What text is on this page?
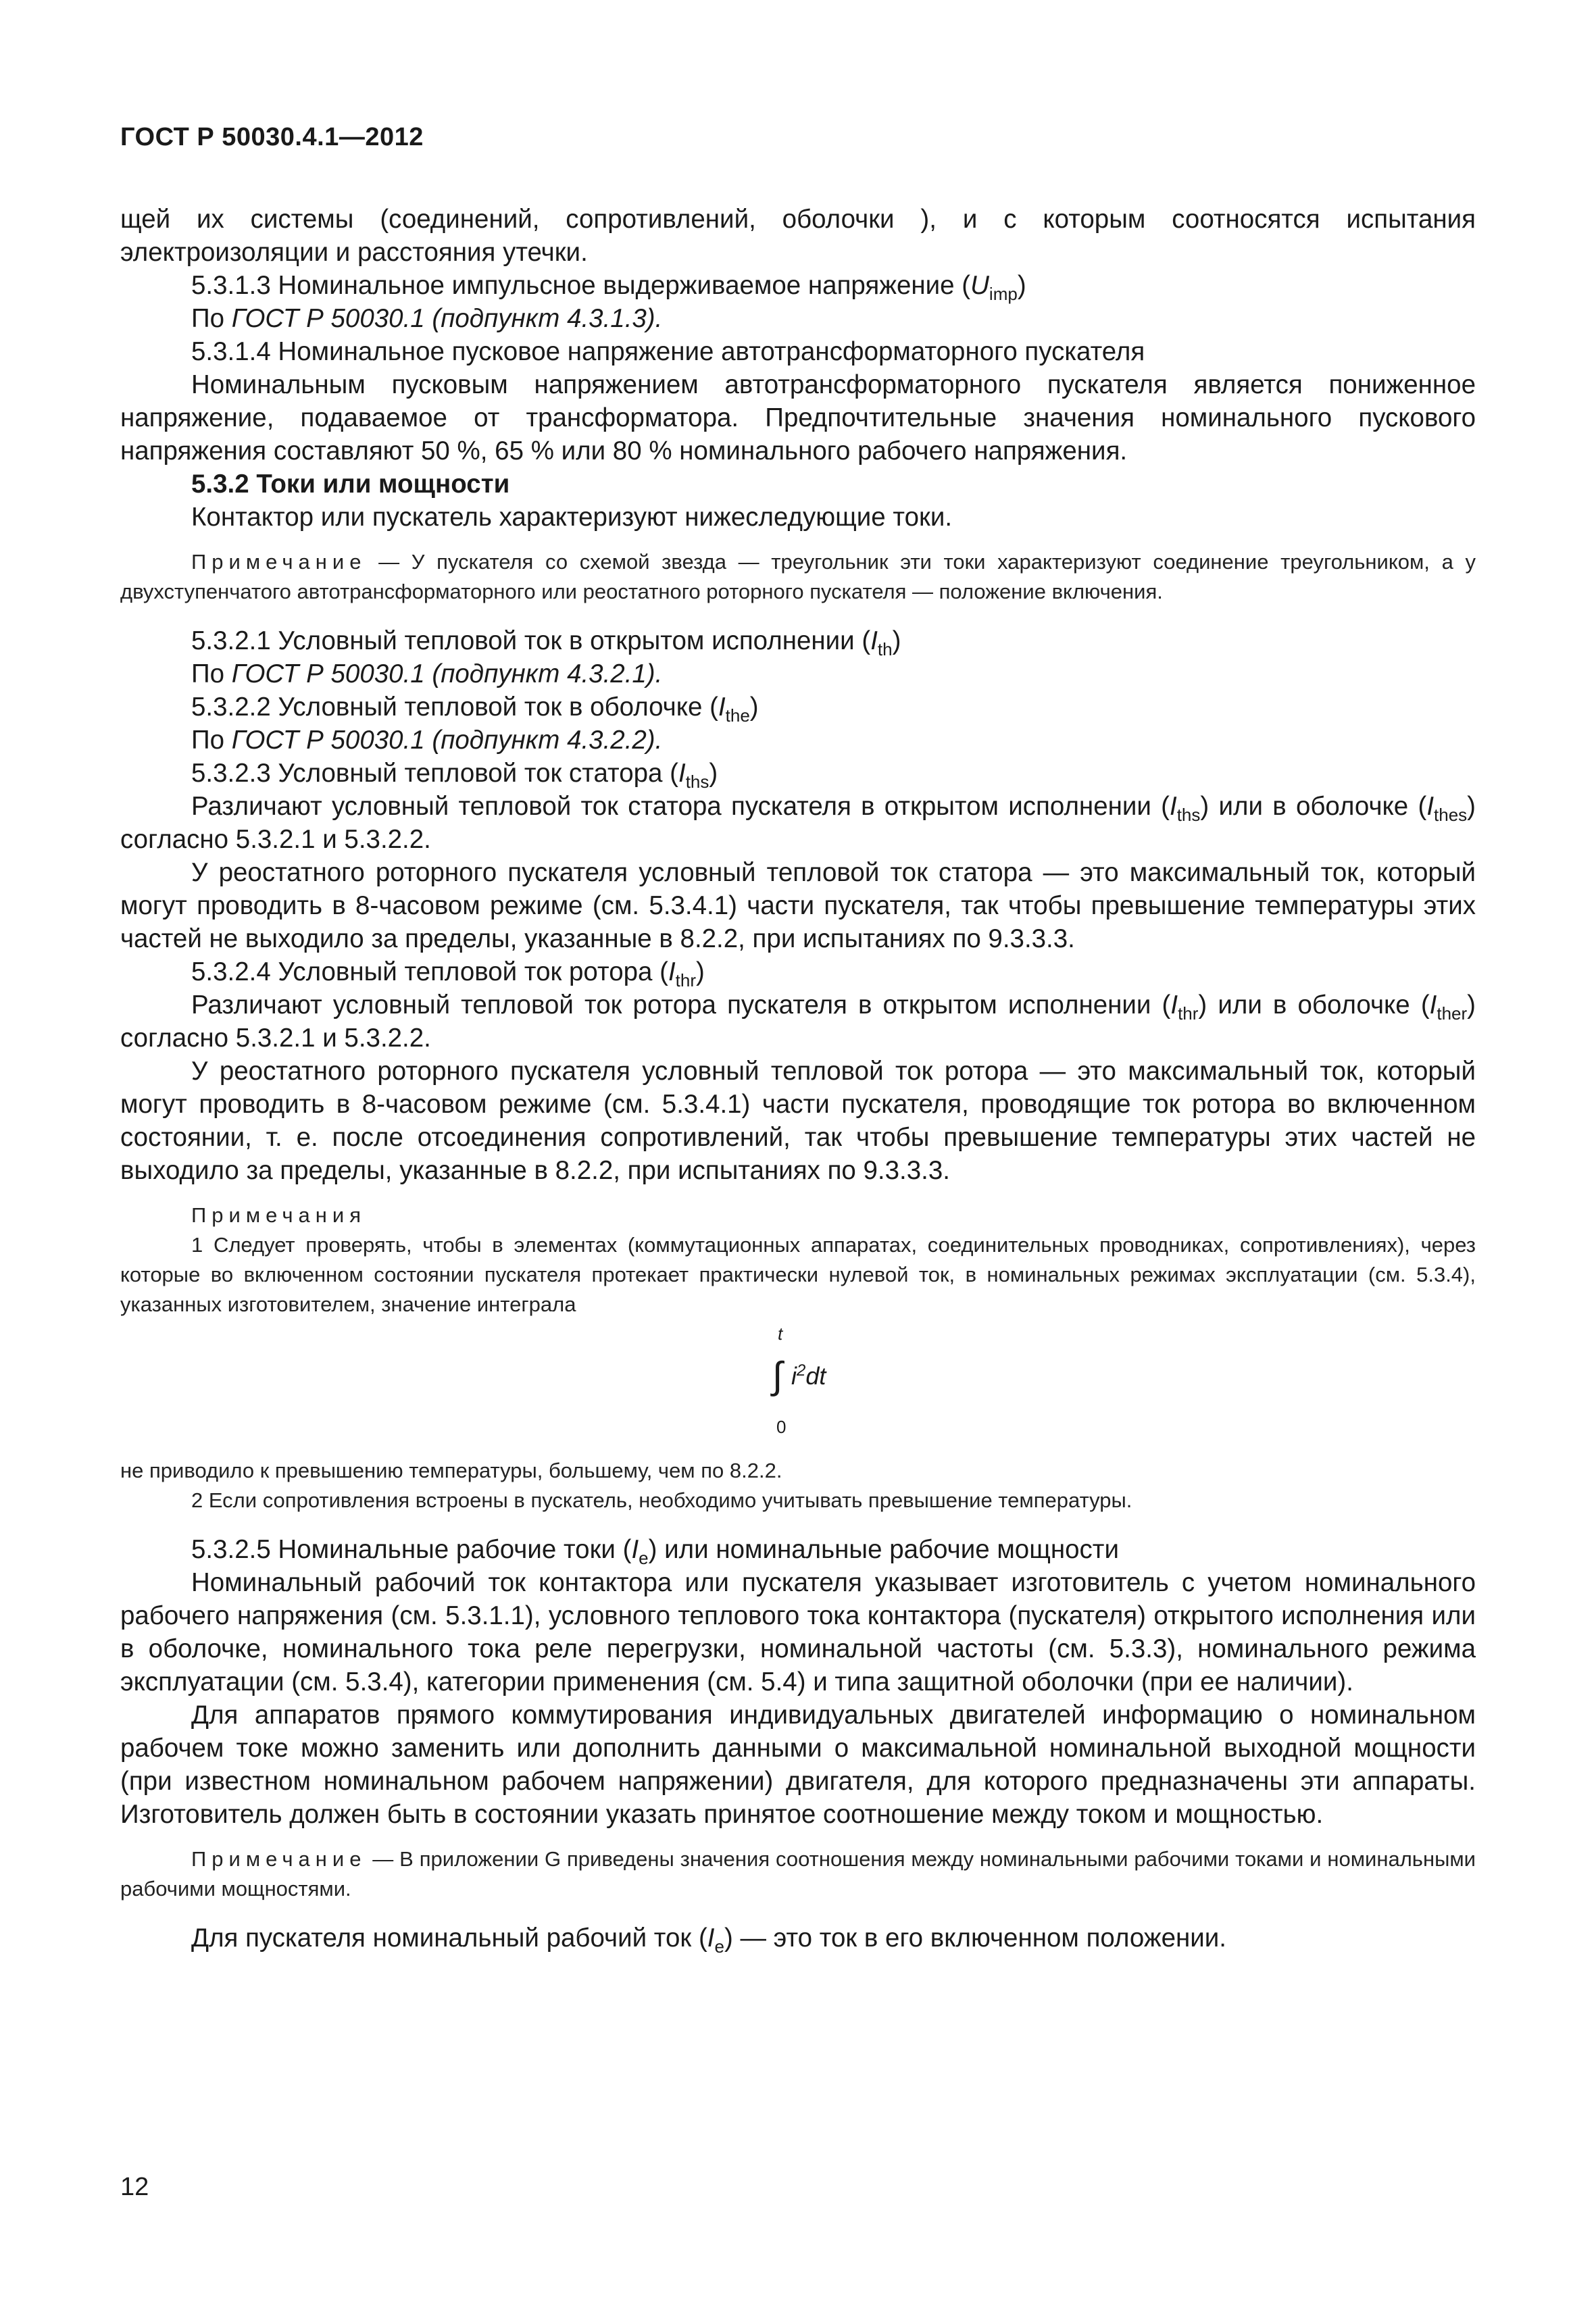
ГОСТ Р 50030.4.1—2012

щей их системы (соединений, сопротивлений, оболочки ), и с которым соотносятся испытания электроизоляции и расстояния утечки.

5.3.1.3 Номинальное импульсное выдерживаемое напряжение $(U_{imp})$

По ГОСТ Р 50030.1 (подпункт 4.3.1.3).

5.3.1.4 Номинальное пусковое напряжение автотрансформаторного пускателя

Номинальным пусковым напряжением автотрансформаторного пускателя является пониженное напряжение, подаваемое от трансформатора. Предпочтительные значения номинального пускового напряжения составляют 50 %, 65 % или 80 % номинального рабочего напряжения.

5.3.2 Токи или мощности

Контактор или пускатель характеризуют нижеследующие токи.

Примечание — У пускателя со схемой звезда — треугольник эти токи характеризуют соединение треугольником, а у двухступенчатого автотрансформаторного или реостатного роторного пускателя — положение включения.

5.3.2.1 Условный тепловой ток в открытом исполнении $(I_{th})$

По ГОСТ Р 50030.1 (подпункт 4.3.2.1).

5.3.2.2 Условный тепловой ток в оболочке $(I_{the})$

По ГОСТ Р 50030.1 (подпункт 4.3.2.2).

5.3.2.3 Условный тепловой ток статора $(I_{ths})$

Различают условный тепловой ток статора пускателя в открытом исполнении $(I_{ths})$ или в оболочке $(I_{thes})$ согласно 5.3.2.1 и 5.3.2.2.

У реостатного роторного пускателя условный тепловой ток статора — это максимальный ток, который могут проводить в 8-часовом режиме (см. 5.3.4.1) части пускателя, так чтобы превышение температуры этих частей не выходило за пределы, указанные в 8.2.2, при испытаниях по 9.3.3.3.

5.3.2.4 Условный тепловой ток ротора $(I_{thr})$

Различают условный тепловой ток ротора пускателя в открытом исполнении $(I_{thr})$ или в оболочке $(I_{ther})$ согласно 5.3.2.1 и 5.3.2.2.

У реостатного роторного пускателя условный тепловой ток ротора — это максимальный ток, который могут проводить в 8-часовом режиме (см. 5.3.4.1) части пускателя, проводящие ток ротора во включенном состоянии, т. е. после отсоединения сопротивлений, так чтобы превышение температуры этих частей не выходило за пределы, указанные в 8.2.2, при испытаниях по 9.3.3.3.

Примечания

1 Следует проверять, чтобы в элементах (коммутационных аппаратах, соединительных проводниках, сопротивлениях), через которые во включенном состоянии пускателя протекает практически нулевой ток, в номинальных режимах эксплуатации (см. 5.3.4), указанных изготовителем, значение интеграла

t
∫ $i^2dt$
0

не приводило к превышению температуры, большему, чем по 8.2.2.

2 Если сопротивления встроены в пускатель, необходимо учитывать превышение температуры.

5.3.2.5 Номинальные рабочие токи $(I_e)$ или номинальные рабочие мощности

Номинальный рабочий ток контактора или пускателя указывает изготовитель с учетом номинального рабочего напряжения (см. 5.3.1.1), условного теплового тока контактора (пускателя) открытого исполнения или в оболочке, номинального тока реле перегрузки, номинальной частоты (см. 5.3.3), номинального режима эксплуатации (см. 5.3.4), категории применения (см. 5.4) и типа защитной оболочки (при ее наличии).

Для аппаратов прямого коммутирования индивидуальных двигателей информацию о номинальном рабочем токе можно заменить или дополнить данными о максимальной номинальной выходной мощности (при известном номинальном рабочем напряжении) двигателя, для которого предназначены эти аппараты. Изготовитель должен быть в состоянии указать принятое соотношение между током и мощностью.

Примечание — В приложении G приведены значения соотношения между номинальными рабочими токами и номинальными рабочими мощностями.

Для пускателя номинальный рабочий ток $(I_e)$ — это ток в его включенном положении.

12
